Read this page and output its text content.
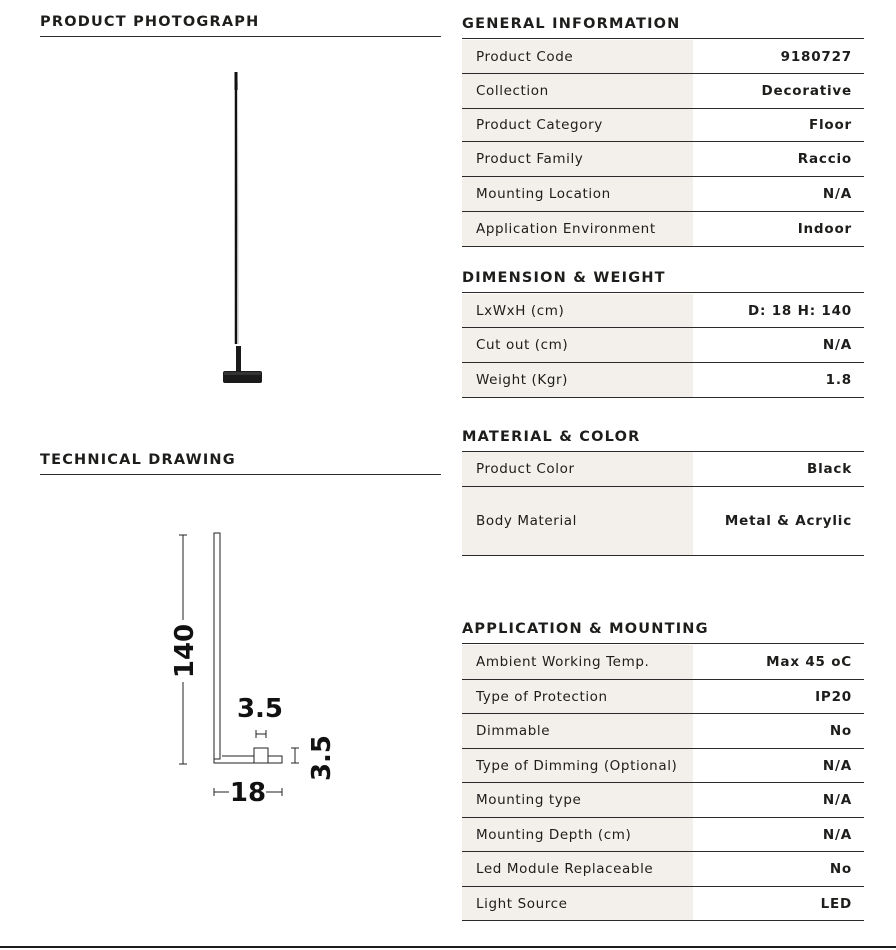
PRODUCT PHOTOGRAPH
TECHNICAL DRAWING
140
3.5
3.5
18
GENERAL INFORMATION
Product Code	9180727
Collection	Decorative
Product Category	Floor
Product Family	Raccio
Mounting Location	N/A
Application Environment	Indoor
DIMENSION & WEIGHT
LxWxH (cm)	D: 18 H: 140
Cut out (cm)	N/A
Weight (Kgr)	1.8
MATERIAL & COLOR
Product Color	Black
Body Material	Metal & Acrylic
APPLICATION & MOUNTING
Ambient Working Temp.	Max 45 oC
Type of Protection	IP20
Dimmable	No
Type of Dimming (Optional)	N/A
Mounting type	N/A
Mounting Depth (cm)	N/A
Led Module Replaceable	No
Light Source	LED
